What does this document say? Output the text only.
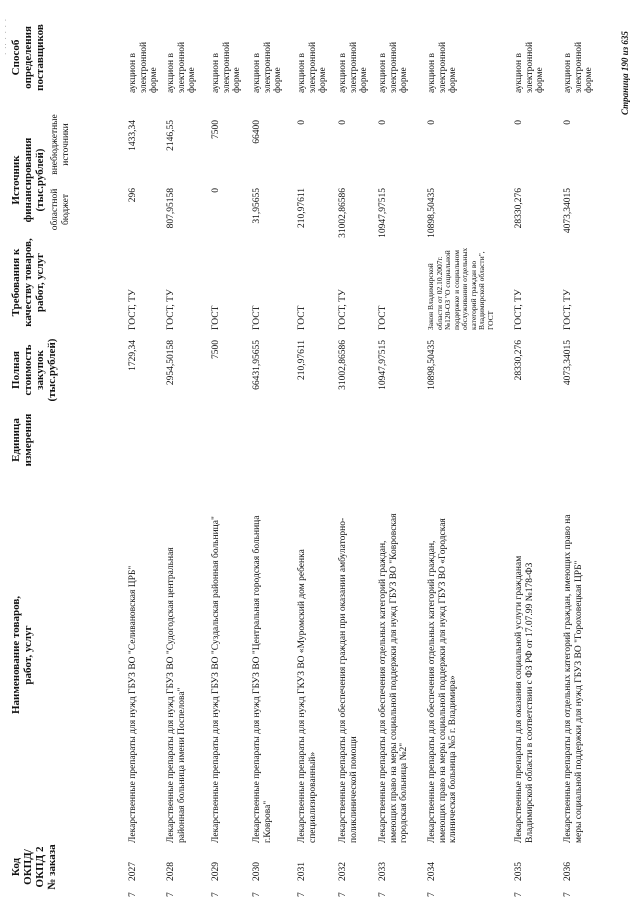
Код
ОКПД/
ОКПД 2
№ заказа
Наименование товаров,
работ, услуг
Единица
измерения
Полная
стоимость
закупок
(тыс.рублей)
Требования к
качеству товаров,
работ, услуг
Источник
финансирования
(тыс.рублей) областной
бюджет
внебюджетные
источники
Способ
определения
поставщиков
· ·· · · · ·
7
2027
Лекарственные препараты для нужд ГБУЗ ВО "Селивановская ЦРБ"
1729,34
ГОСТ, ТУ
296
1433,34
аукцион в электронной форме
7
2028
Лекарственные препараты для нужд ГБУЗ ВО "Судогодская центральная районная больница имени Поспелова"
2954,50158
ГОСТ, ТУ
807,95158
2146,55
аукцион в электронной форме
7
2029
Лекарственные препараты для нужд ГБУЗ ВО "Суздальская районная больница"
7500
ГОСТ
0
7500
аукцион в электронной форме
7
2030
Лекарственные препараты для нужд ГБУЗ ВО "Центральная городская больница г.Коврова"
66431,95655
ГОСТ
31,95655
66400
аукцион в электронной форме
7
2031
Лекарственные препараты для нужд ГКУЗ ВО «Муромский дом ребенка специализированный»
210,97611
ГОСТ
210,97611
0
аукцион в электронной форме
7
2032
Лекарственные препараты для обеспечения граждан при оказании амбулаторно-поликлинической помощи
31002,86586
ГОСТ, ТУ
31002,86586
0
аукцион в электронной форме
7
2033
Лекарственные препараты для обеспечения отдельных категорий граждан, имеющих право на меры социальной поддержки для нужд ГБУЗ ВО "Ковровская городская больница №2"
10947,97515
ГОСТ
10947,97515
0
аукцион в электронной форме
7
2034
Лекарственные препараты для обеспечения отдельных категорий граждан, имеющих право на меры социальной поддержки для нужд ГБУЗ ВО «Городская клиническая больница №5 г. Владимира»
10898,50435
Закон Владимирской области от 02.10.2007г. №120-ОЗ "О социальной поддержке и социальном обслуживании отдельных категорий граждан во Владимирской области", ГОСТ
10898,50435
0
аукцион в электронной форме
7
2035
Лекарственные препараты для оказания социальной услуги гражданам Владимирской области в соответствии с ФЗ РФ от 17.07.99 №178-ФЗ
28330,276
ГОСТ, ТУ
28330,276
0
аукцион в электронной форме
7
2036
Лекарственные препараты для отдельных категорий граждан, имеющих право на меры социальной поддержки для нужд ГБУЗ ВО "Гороховецкая ЦРБ"
4073,34015
ГОСТ, ТУ
4073,34015
0
аукцион в электронной форме	Страница 190 из 635
